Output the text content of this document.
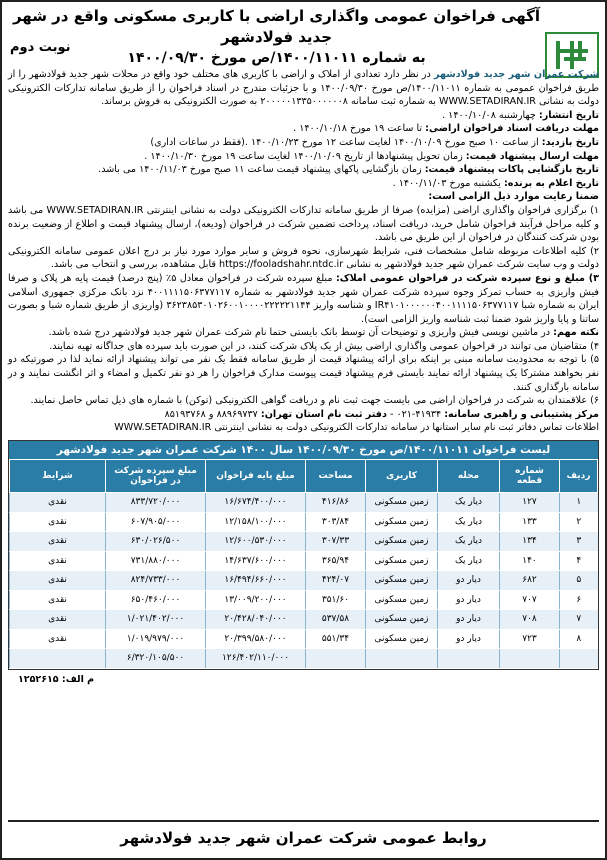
آگهی فراخوان عمومی واگذاری اراضی با کاربری مسکونی واقع در شهر جدید فولادشهر
به شماره ۱۴۰۰/۱۱۰۱۱/ص مورخ ۱۴۰۰/۰۹/۳۰
نوبت دوم

شرکت عمران شهر جدید فولادشهر در نظر دارد تعدادی از املاک و اراضی با کاربری های مختلف خود واقع در محلات شهر جدید فولادشهر را از طریق فراخوان عمومی به شماره ۱۴۰۰/۱۱۰۱۱/ص مورخ ۱۴۰۰/۰۹/۳۰ و با جزئیات مندرج در اسناد فراخوان را از طریق سامانه تدارکات الکترونیکی دولت به نشانی WWW.SETADIRAN.IR به شماره ثبت سامانه ۲۰۰۰۰۰۱۳۳۵۰۰۰۰۰۰۸ به صورت الکترونیکی به فروش برساند.

تاریخ انتشار: چهارشنبه ۱۴۰۰/۱۰/۰۸ .

مهلت دریافت اسناد فراخوان اراضی: تا ساعت ۱۹ مورخ ۱۴۰۰/۱۰/۱۸ .

تاریخ بازدید: از ساعت ۱۰ صبح مورخ ۱۴۰۰/۱۰/۰۹ لغایت ساعت ۱۲ مورخ ۱۴۰۰/۱۰/۲۳ .(فقط در ساعات اداری)

مهلت ارسال پیشنهاد قیمت: زمان تحویل پیشنهادها از تاریخ ۱۴۰۰/۱۰/۰۹ لغایت ساعت ۱۹ مورخ ۱۴۰۰/۱۰/۳۰ .

تاریخ بازگشایی پاکات پیشنهاد قیمت: زمان بازگشایی پاکهای پیشنهاد قیمت ساعت ۱۱ صبح مورخ ۱۴۰۰/۱۱/۰۳ می باشد.

تاریخ اعلام به برنده: یکشنبه مورخ ۱۴۰۰/۱۱/۰۳ .

ضمنا رعایت موارد ذیل الزامی است:

۱) برگزاری فراخوان واگذاری اراضی (مزایده) صرفا از طریق سامانه تدارکات الکترونیکی دولت به نشانی اینترنتی WWW.SETADIRAN.IR می باشد و کلیه مراحل فرآیند فراخوان شامل خرید، دریافت اسناد، پرداخت تضمین شرکت در فراخوان (ودیعه)، ارسال پیشنهاد قیمت و اطلاع از وضعیت برنده بودن شرکت کنندگان در فراخوان از این طریق می باشد.

۲) کلیه اطلاعات مربوطه شامل مشخصات فنی، شرایط شهرسازی، نحوه فروش و سایر موارد مورد نیاز بر درج اعلان عمومی سامانه الکترونیکی دولت و وب سایت شرکت عمران شهر جدید فولادشهر به نشانی https://fooladshahr.ntdc.ir قابل مشاهده، بررسی و انتخاب می باشد.

۳) مبلغ و نوع سپرده شرکت در فراخوان عمومی املاک: مبلغ سپرده شرکت در فراخوان معادل ۵٪ (پنج درصد) قیمت پایه هر پلاک و صرفا فیش واریزی به حساب تمرکز وجوه سپرده شرکت عمران شهر جدید فولادشهر به شماره ۴۰۰۱۱۱۱۵۰۶۳۷۷۱۱۷ نزد بانک مرکزی جمهوری اسلامی ایران به شماره شبا IR۴۱۰۱۰۰۰۰۰۰۴۰۰۱۱۱۱۵۰۶۳۷۷۱۱۷ و شناسه واریز ۳۶۲۳۸۵۳۰۱۰۲۶۰۰۱۰۰۰۰۲۲۲۲۲۱۱۴۴ (واریزی از طریق شماره شبا و بصورت ساتنا و پایا واریز شود ضمنا ثبت شناسه واریز الزامی است).

نکته مهم: در ماشین نویسی فیش واریزی و توضیحات آن توسط بانک بایستی حتما نام شرکت عمران شهر جدید فولادشهر درج شده باشد.

۴) متقاضیان می توانند در فراخوان عمومی واگذاری اراضی بیش از یک پلاک شرکت کنند، در این صورت باید سپرده های جداگانه تهیه نمایند.

۵) با توجه به محدودیت سامانه مبنی بر اینکه برای ارائه پیشنهاد قیمت از طریق سامانه فقط یک نفر می تواند پیشنهاد ارائه نماید لذا در صورتیکه دو نفر بخواهند مشترکا یک پیشنهاد ارائه نمایند بایستی فرم پیشنهاد قیمت پیوست مدارک فراخوان را هر دو نفر تکمیل و امضاء و اثر انگشت نمایند و در سامانه بارگذاری کنند.

۶) علاقمندان به شرکت در فراخوان اراضی می بایست جهت ثبت نام و دریافت گواهی الکترونیکی (توکن) با شماره های ذیل تماس حاصل نمایند.

مرکز پشتیبانی و راهبری سامانه: ۴۱۹۳۴-۰۲۱ - دفتر ثبت نام استان تهران: ۸۸۹۶۹۷۳۷ و ۸۵۱۹۳۷۶۸

اطلاعات تماس دفاتر ثبت نام سایر استانها در سامانه تدارکات الکترونیکی دولت به نشانی اینترنتی WWW.SETADIRAN.IR

لیست فراخوان ۱۴۰۰/۱۱۰۱۱/ص مورخ ۱۴۰۰/۰۹/۳۰ سال ۱۴۰۰ شرکت عمران شهر جدید فولادشهر
ردیف	شماره قطعه	محله	کاربری	مساحت	مبلغ پایه فراخوان	مبلغ سپرده شرکت در فراخوان	شرایط
۱	۱۲۷	دیار یک	زمین مسکونی	۴۱۶/۸۶	۱۶/۶۷۴/۴۰۰/۰۰۰	۸۳۳/۷۲۰/۰۰۰	نقدی
۲	۱۳۳	دیار یک	زمین مسکونی	۳۰۳/۸۴	۱۲/۱۵۸/۱۰۰/۰۰۰	۶۰۷/۹۰۵/۰۰۰	نقدی
۳	۱۳۴	دیار یک	زمین مسکونی	۳۰۷/۳۳	۱۲/۶۰۰/۵۳۰/۰۰۰	۶۳۰/۰۲۶/۵۰۰	نقدی
۴	۱۴۰	دیار یک	زمین مسکونی	۳۶۵/۹۴	۱۴/۶۳۷/۶۰۰/۰۰۰	۷۳۱/۸۸۰/۰۰۰	نقدی
۵	۶۸۲	دیار دو	زمین مسکونی	۴۲۴/۰۷	۱۶/۴۹۴/۶۶۰/۰۰۰	۸۲۴/۷۳۳/۰۰۰	نقدی
۶	۷۰۷	دیار دو	زمین مسکونی	۳۵۱/۶۰	۱۳/۰۰۹/۲۰۰/۰۰۰	۶۵۰/۴۶۰/۰۰۰	نقدی
۷	۷۰۸	دیار دو	زمین مسکونی	۵۳۷/۵۸	۲۰/۴۲۸/۰۴۰/۰۰۰	۱/۰۲۱/۴۰۲/۰۰۰	نقدی
۸	۷۲۳	دیار دو	زمین مسکونی	۵۵۱/۳۴	۲۰/۳۹۹/۵۸۰/۰۰۰	۱/۰۱۹/۹۷۹/۰۰۰	نقدی
					۱۲۶/۴۰۲/۱۱۰/۰۰۰	۶/۳۲۰/۱۰۵/۵۰۰	
م الف: ۱۲۵۲۶۱۵
روابط عمومی شرکت عمران شهر جدید فولادشهر
